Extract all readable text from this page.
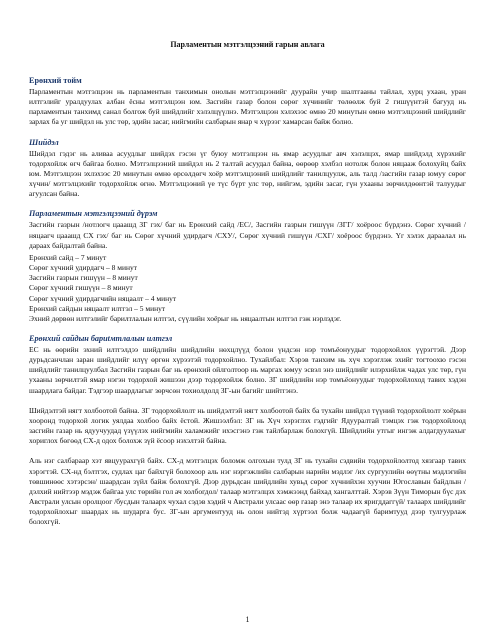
Парламентын мэтгэлцээний гарын авлага
Ерөнхий тойм
Парламентын мэтгэлцээн нь парламентын танхимын онолын мэтгэлцээнийг дуурайн учир шалтгааны тайлал, хурц ухаан, уран илтгэлийг уралдуулах албан ёсны мэтгэлцээн юм. Засгийн газар болон сөрөг хүчинийг төлөөлж буй 2 гишүүнтэй багууд нь парламентын танхимд санал болгож буй шийдлийг хэлэлцүүлнэ. Мэтгэлцээн хэлэхээс өмнө 20 минутын өмнө мэтгэлцээний шийдлийг зарлах ба уг шийдэл нь улс төр, эдийн засаг, нийгмийн салбарын янар ч хүрээг хамарсан байж болно.
Шийдэл
Шийдэл гэдэг нь аливаа асуудлыг шийдэх гэсэн үг буюу мэтгэлцээн нь ямар асуудлыг авч хэлэлцэх, ямар шийдэлд хүрэхийг тодорхойлж өгч байгаа болно. Мэтгэлцээний шийдэл нь 2 талтай асуудал байна, өөрөөр хэлбэл нотолж болон няцааж болохуйц байх юм. Мэтгэлцээн эхлэхээс 20 минутын өмнө өрсөлдөгч хоёр мэтгэлцээний шийдлийг танилцуулж, аль талд /засгийн газар юмуу сөрөг хүчин/ мэтгэлцэхийг тодорхойлж өгнө. Мэтгэлцээний үе түс бүрт улс төр, нийгэм, эдийн засаг, гүн ухааны зөрчилдөөнтэй талуудыг агуулсан байна.
Парламентын мэтгэлцээний дүрэм
Засгийн газрын /нотлогч цааашд ЗГ гэх/ баг нь Ерөнхий сайд /ЕС/, Засгийн газрын гишүүн /ЗГГ/ хоёроос бүрдэнэ. Сөрөг хүчний /няцаагч цааашд СХ гэх/ баг нь Сөрөг хүчний удирдагч /СХУ/, Сөрөг хүчний гишүүн /СХГ/ хоёроос бүрдэнэ. Үг хэлэх дараалал нь дараах байдалтай байна.
Ерөнхий сайд – 7 минут
Сөрөг хүчний удирдагч – 8 минут
Засгийн газрын гишүүн – 8 минут
Сөрөг хүчний гишүүн – 8 минут
Сөрөг хүчний удирдагчийн няцаалт – 4 минут
Ерөнхий сайдын няцаалт илтгэл – 5 минут
Эхний дөрвөн илтгэлийг барилтлалын илтгэл, сүүлийн хоёрыг нь няцаалтын илтгэл гэж нэрлэдэг.
Ерөнхий сайдын бариtмтлалын илтгэл
ЕС нь өөрийн эхний илтгэлдээ шийдлийн шийдлийн нөхцлүүд болон үндсэн нэр томъёонуудыг тодорхойлох үүрэгтэй. Дээр дурьдсанчлан заран шийдлийг илүү өргөн хүрээтэй тодорхойлно. Тухайлбал: Хэрэв танхим нь хүч хэрэглэж эхийг тогтоохю гэсэн шийдлийг танилцуулбал Засгийн газрын баг нь ерөнхий ойлголтоор нь маргах юмуу эсвэл энэ шийдлийг илэрхийлж чадах улс төр, гүн ухааны зөрчилтэй ямар нэгэн тодорхой жишээн дээр тодорхойлж болно. ЗГ шийдлийн нэр томъёонуудыг тодорхойлоход тавих хэдэн шаардлага байдаг. Тэдгээр шаардлагыг зөрчсөн тохиолдолд ЗГ-ын багийг шийтгэнэ.
Шийдэлтэй нягт холбоотой байна. ЗГ тодорхойлолт нь шийдэлтэй нягт холбоотой байх ба тухайн шийдэл түүний тодорхойлолт хоёрын хооронд тодорхой логик уялдаа холбоо байх ёстой. Жишээлбэл: ЗГ нь Хүч хэрэглэх гэдгийг Ядууралтай тэмцэх гэж тодорхойлоод засгийн газар нь ядуучуудад үзүүлэх нийгмийн халамжийг ихэсгэнэ гэж тайлбарлаж болохгүй. Шийдлийн утгыг ингэж алдагдуулахыг хориглох бөгөөд СХ-д одох болохж зүй ёсоор нэхэлтэй байна.
Аль нэг салбарaар хэт явцуурахгүй байх. СХ-д мэтгэлцэх боломж олгохын тулд ЗГ нь тухайн сэдвийн тодорхойлолтод хязгаар тавих хэрэгтэй. СХ-нд бэлтгэх, судлах цаг байхгүй болохоор аль нэг нэргэжлийн салбарын нарийн мэдлэг /их сургуулийн өөүтны мэдлэгийн төвшинөөс хэтэрсэн/ шаардсан зүйл байж болохгүй. Дээр дурьдсан шийдлийн хувьд сөрөг хүчнийхэн хуучин Югославын байдлын /дэлхий нийтээр мэдэж байгаа улс төрийн гол ач холбогдол/ талаар мэтгэлцэх хэмжээнд байхад хангалттай. Хэрэв Зүүн Тиморын бүс дэх Австрали улсын оролцоог /бусдын талаарх чухал сэдэв хэдий ч Австрали улсаас өөр газар энэ талаар их яригддаггүй/ талаарх шийдлийг тодорхойлохыг шаардах нь шударга бус. ЗГ-ын аргументууд нь олон нийтэд хүртээл болж чадаагүй баримтууд дээр тулгуурлаж болохгүй.
1
